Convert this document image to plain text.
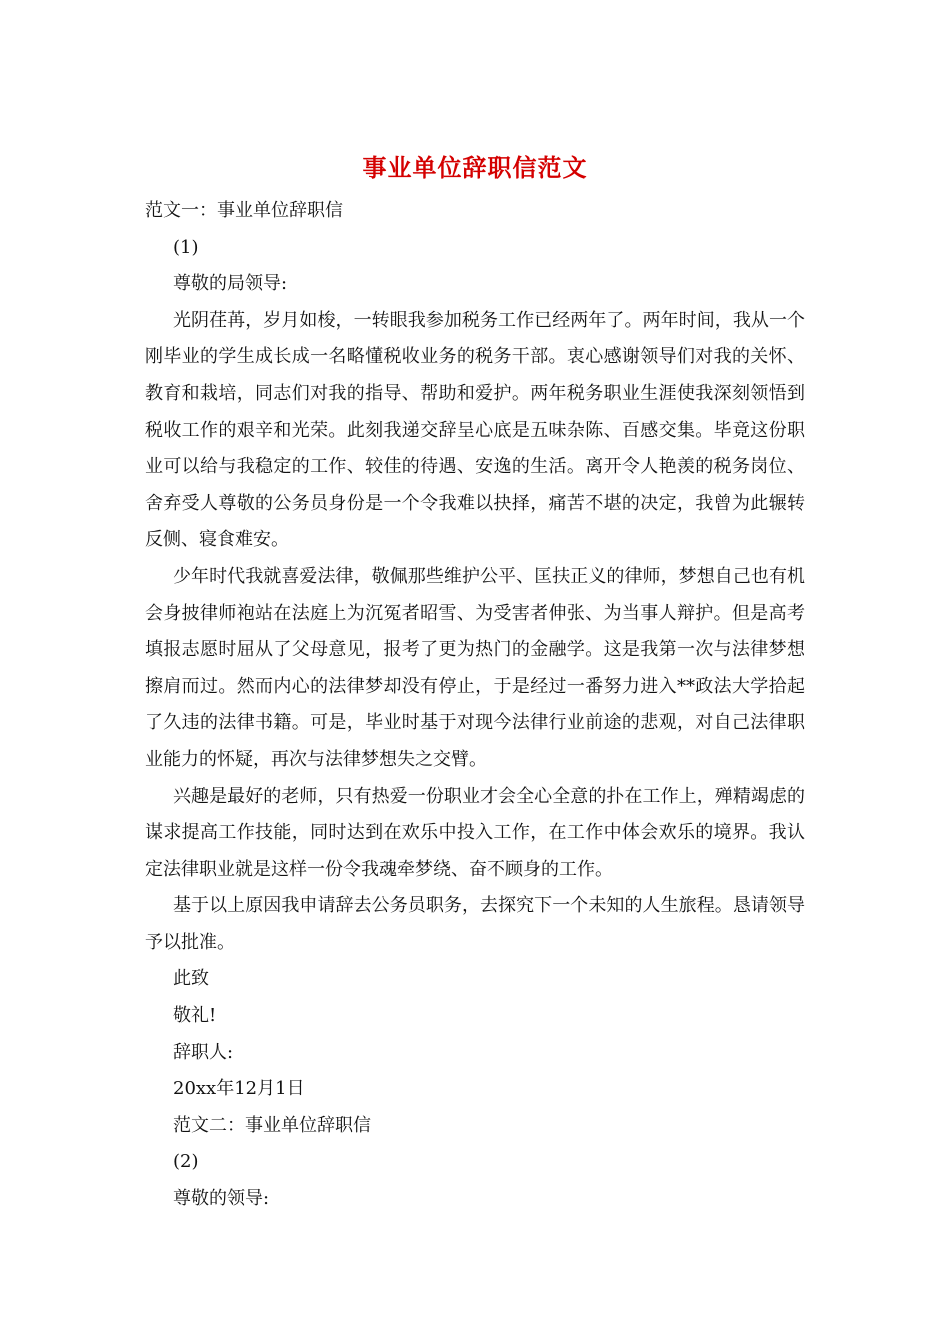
事业单位辞职信范文
范文一：事业单位辞职信
(1)
尊敬的局领导:

光阴荏苒，岁月如梭，一转眼我参加税务工作已经两年了。两年时间，我从一个刚毕业的学生成长成一名略懂税收业务的税务干部。衷心感谢领导们对我的关怀、教育和栽培，同志们对我的指导、帮助和爱护。两年税务职业生涯使我深刻领悟到税收工作的艰辛和光荣。此刻我递交辞呈心底是五味杂陈、百感交集。毕竟这份职业可以给与我稳定的工作、较佳的待遇、安逸的生活。离开令人艳羡的税务岗位、舍弃受人尊敬的公务员身份是一个令我难以抉择，痛苦不堪的决定，我曾为此辗转反侧、寝食难安。

少年时代我就喜爱法律，敬佩那些维护公平、匡扶正义的律师，梦想自己也有机会身披律师袍站在法庭上为沉冤者昭雪、为受害者伸张、为当事人辩护。但是高考填报志愿时屈从了父母意见，报考了更为热门的金融学。这是我第一次与法律梦想擦肩而过。然而内心的法律梦却没有停止，于是经过一番努力进入**政法大学拾起了久违的法律书籍。可是，毕业时基于对现今法律行业前途的悲观，对自己法律职业能力的怀疑，再次与法律梦想失之交臂。

兴趣是最好的老师，只有热爱一份职业才会全心全意的扑在工作上，殚精竭虑的谋求提高工作技能，同时达到在欢乐中投入工作，在工作中体会欢乐的境界。我认定法律职业就是这样一份令我魂牵梦绕、奋不顾身的工作。

基于以上原因我申请辞去公务员职务，去探究下一个未知的人生旅程。恳请领导予以批准。

此致
敬礼!
辞职人:
20xx年12月1日
范文二：事业单位辞职信
(2)
尊敬的领导:
